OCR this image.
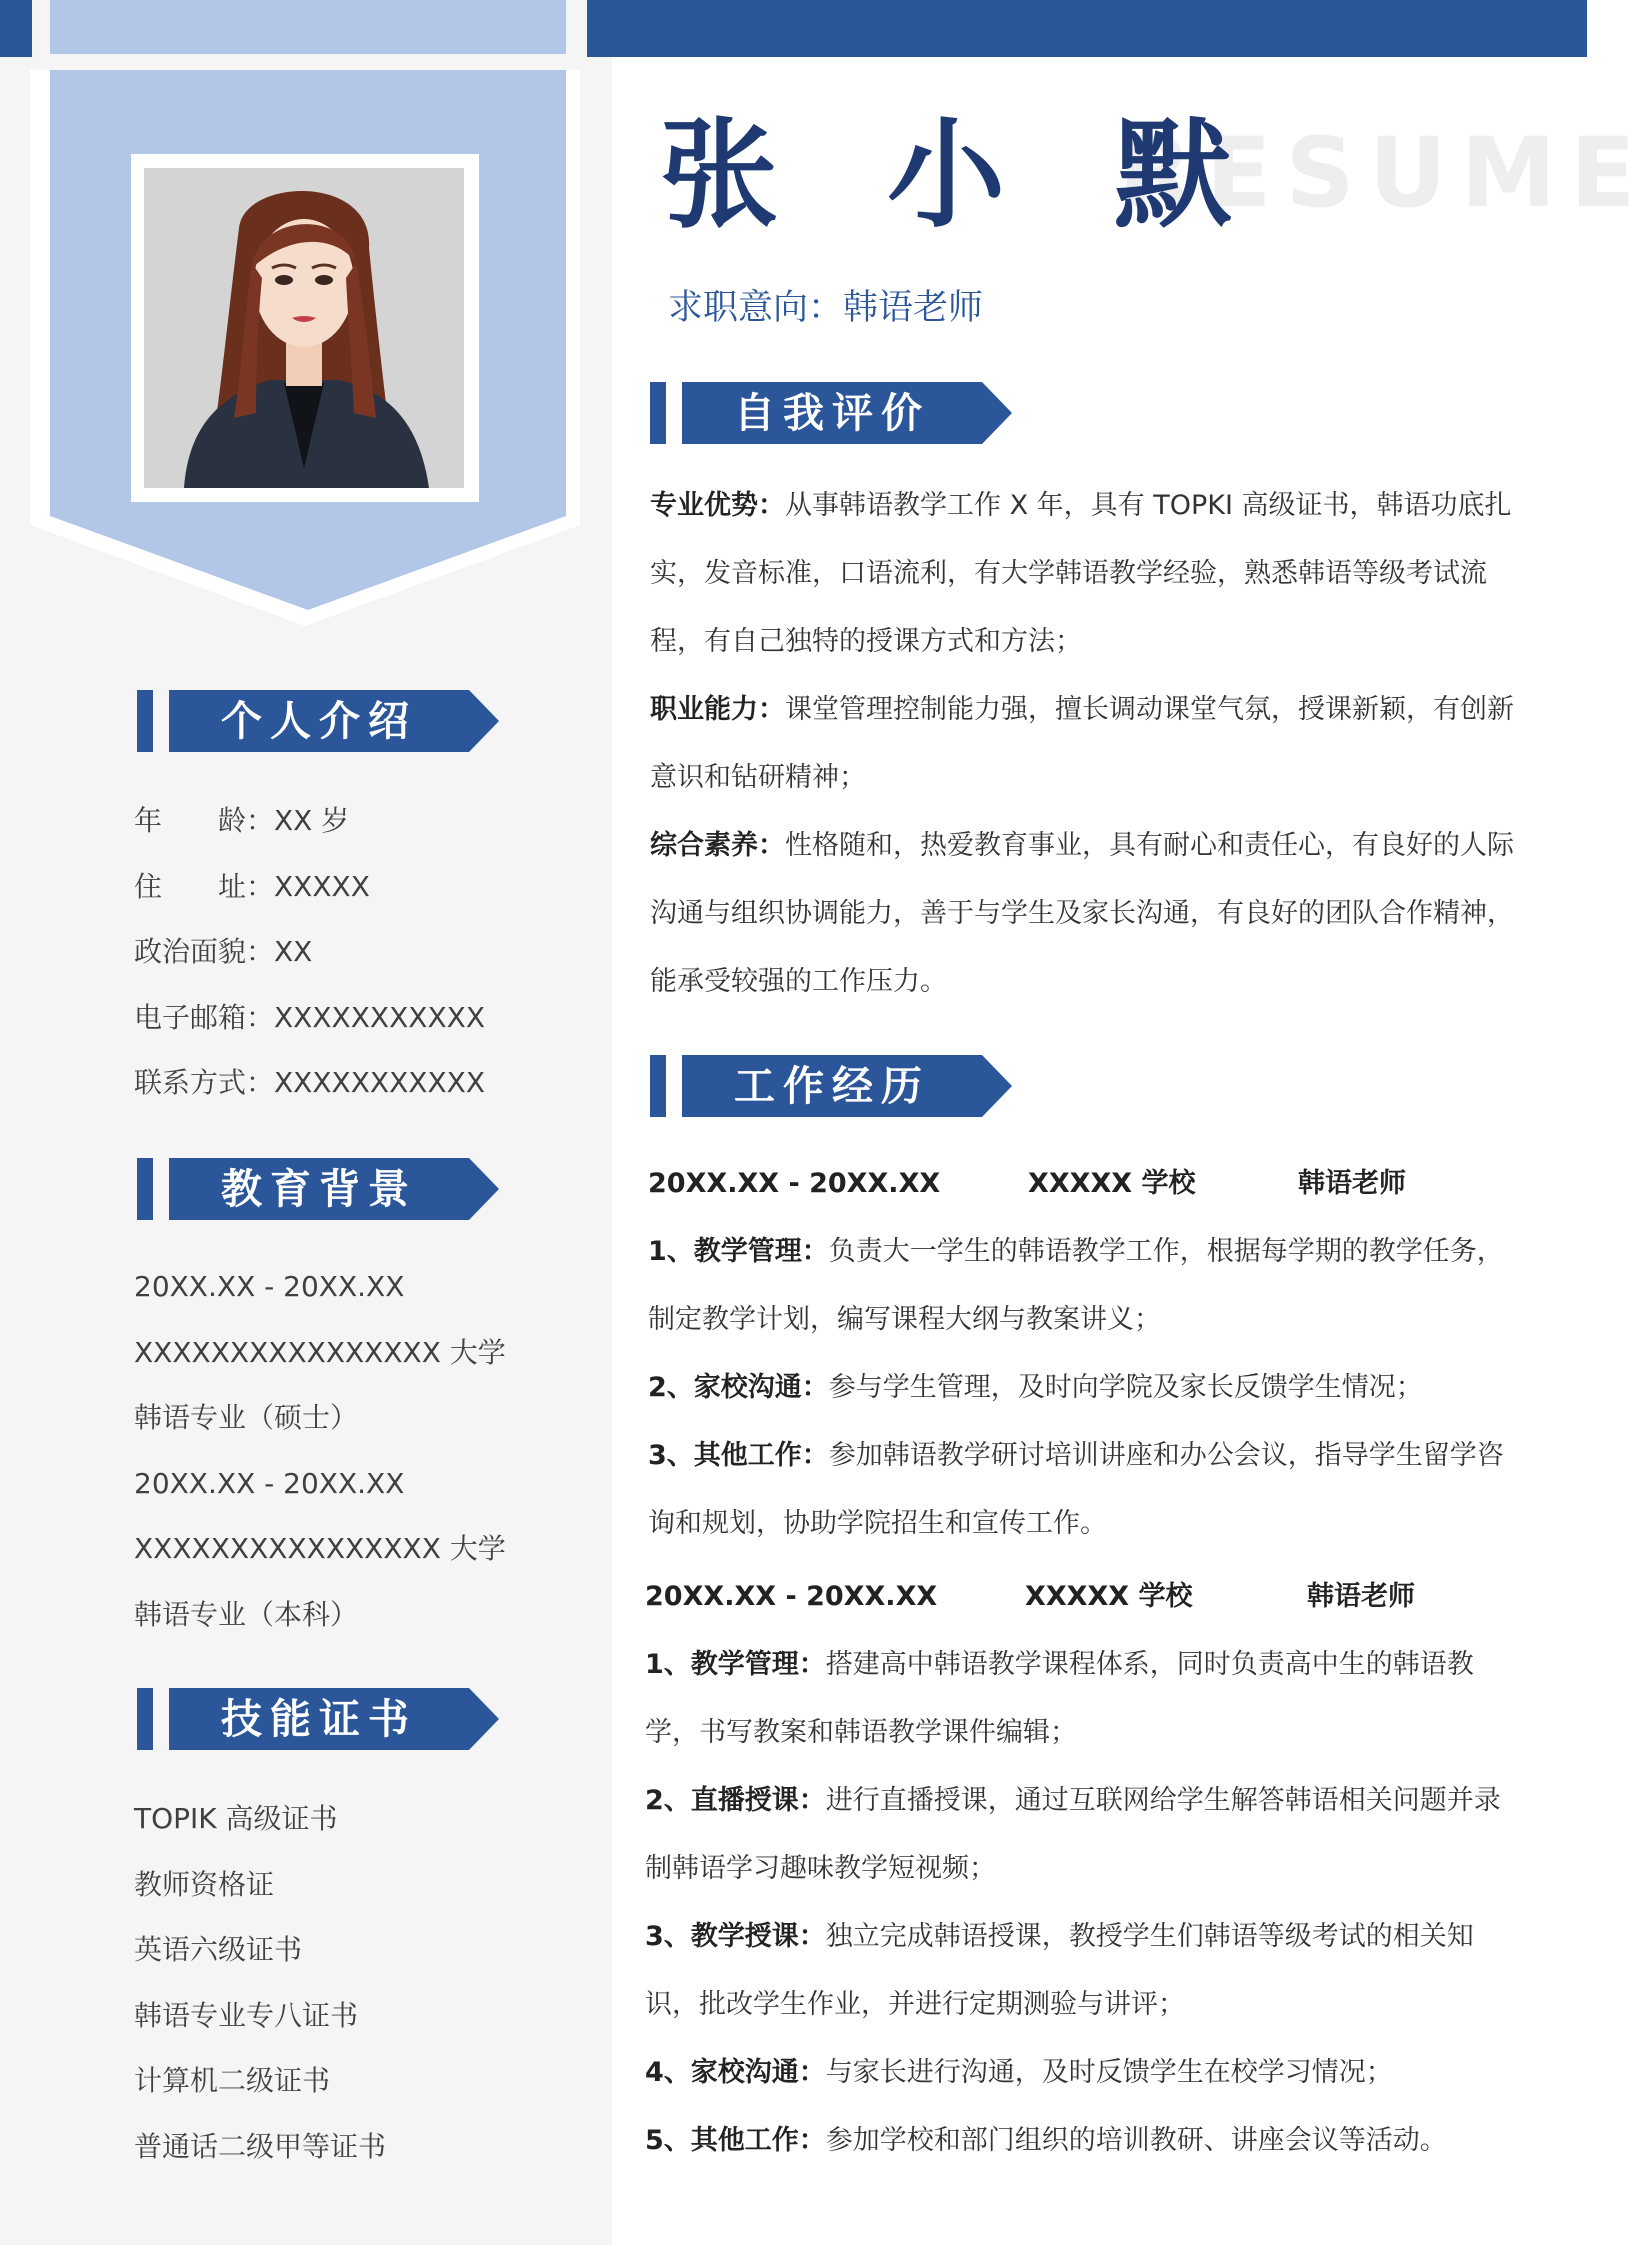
个人介绍
年　　龄：XX 岁
住　　址：XXXXX
政治面貌：XX
电子邮箱：XXXXXXXXXXX
联系方式：XXXXXXXXXXX
教育背景
20XX.XX - 20XX.XX
XXXXXXXXXXXXXXXX 大学
韩语专业（硕士）
20XX.XX - 20XX.XX
XXXXXXXXXXXXXXXX 大学
韩语专业（本科）
技能证书
TOPIK 高级证书
教师资格证
英语六级证书
韩语专业专八证书
计算机二级证书
普通话二级甲等证书
RESUME
张 小 默
求职意向：韩语老师
自我评价

专业优势：从事韩语教学工作 X 年，具有 TOPKI 高级证书，韩语功底扎实，发音标准，口语流利，有大学韩语教学经验，熟悉韩语等级考试流程，有自己独特的授课方式和方法；

职业能力：课堂管理控制能力强，擅长调动课堂气氛，授课新颖，有创新意识和钻研精神；

综合素养：性格随和，热爱教育事业，具有耐心和责任心，有良好的人际沟通与组织协调能力，善于与学生及家长沟通，有良好的团队合作精神，能承受较强的工作压力。

工作经历
20XX.XX - 20XX.XX	XXXXX 学校	韩语老师

1、教学管理：负责大一学生的韩语教学工作，根据每学期的教学任务，制定教学计划，编写课程大纲与教案讲义；

2、家校沟通：参与学生管理，及时向学院及家长反馈学生情况；

3、其他工作：参加韩语教学研讨培训讲座和办公会议，指导学生留学咨询和规划，协助学院招生和宣传工作。

20XX.XX - 20XX.XX	XXXXX 学校	韩语老师

1、教学管理：搭建高中韩语教学课程体系，同时负责高中生的韩语教学，书写教案和韩语教学课件编辑；

2、直播授课：进行直播授课，通过互联网给学生解答韩语相关问题并录制韩语学习趣味教学短视频；

3、教学授课：独立完成韩语授课，教授学生们韩语等级考试的相关知识，批改学生作业，并进行定期测验与讲评；

4、家校沟通：与家长进行沟通，及时反馈学生在校学习情况；

5、其他工作：参加学校和部门组织的培训教研、讲座会议等活动。
